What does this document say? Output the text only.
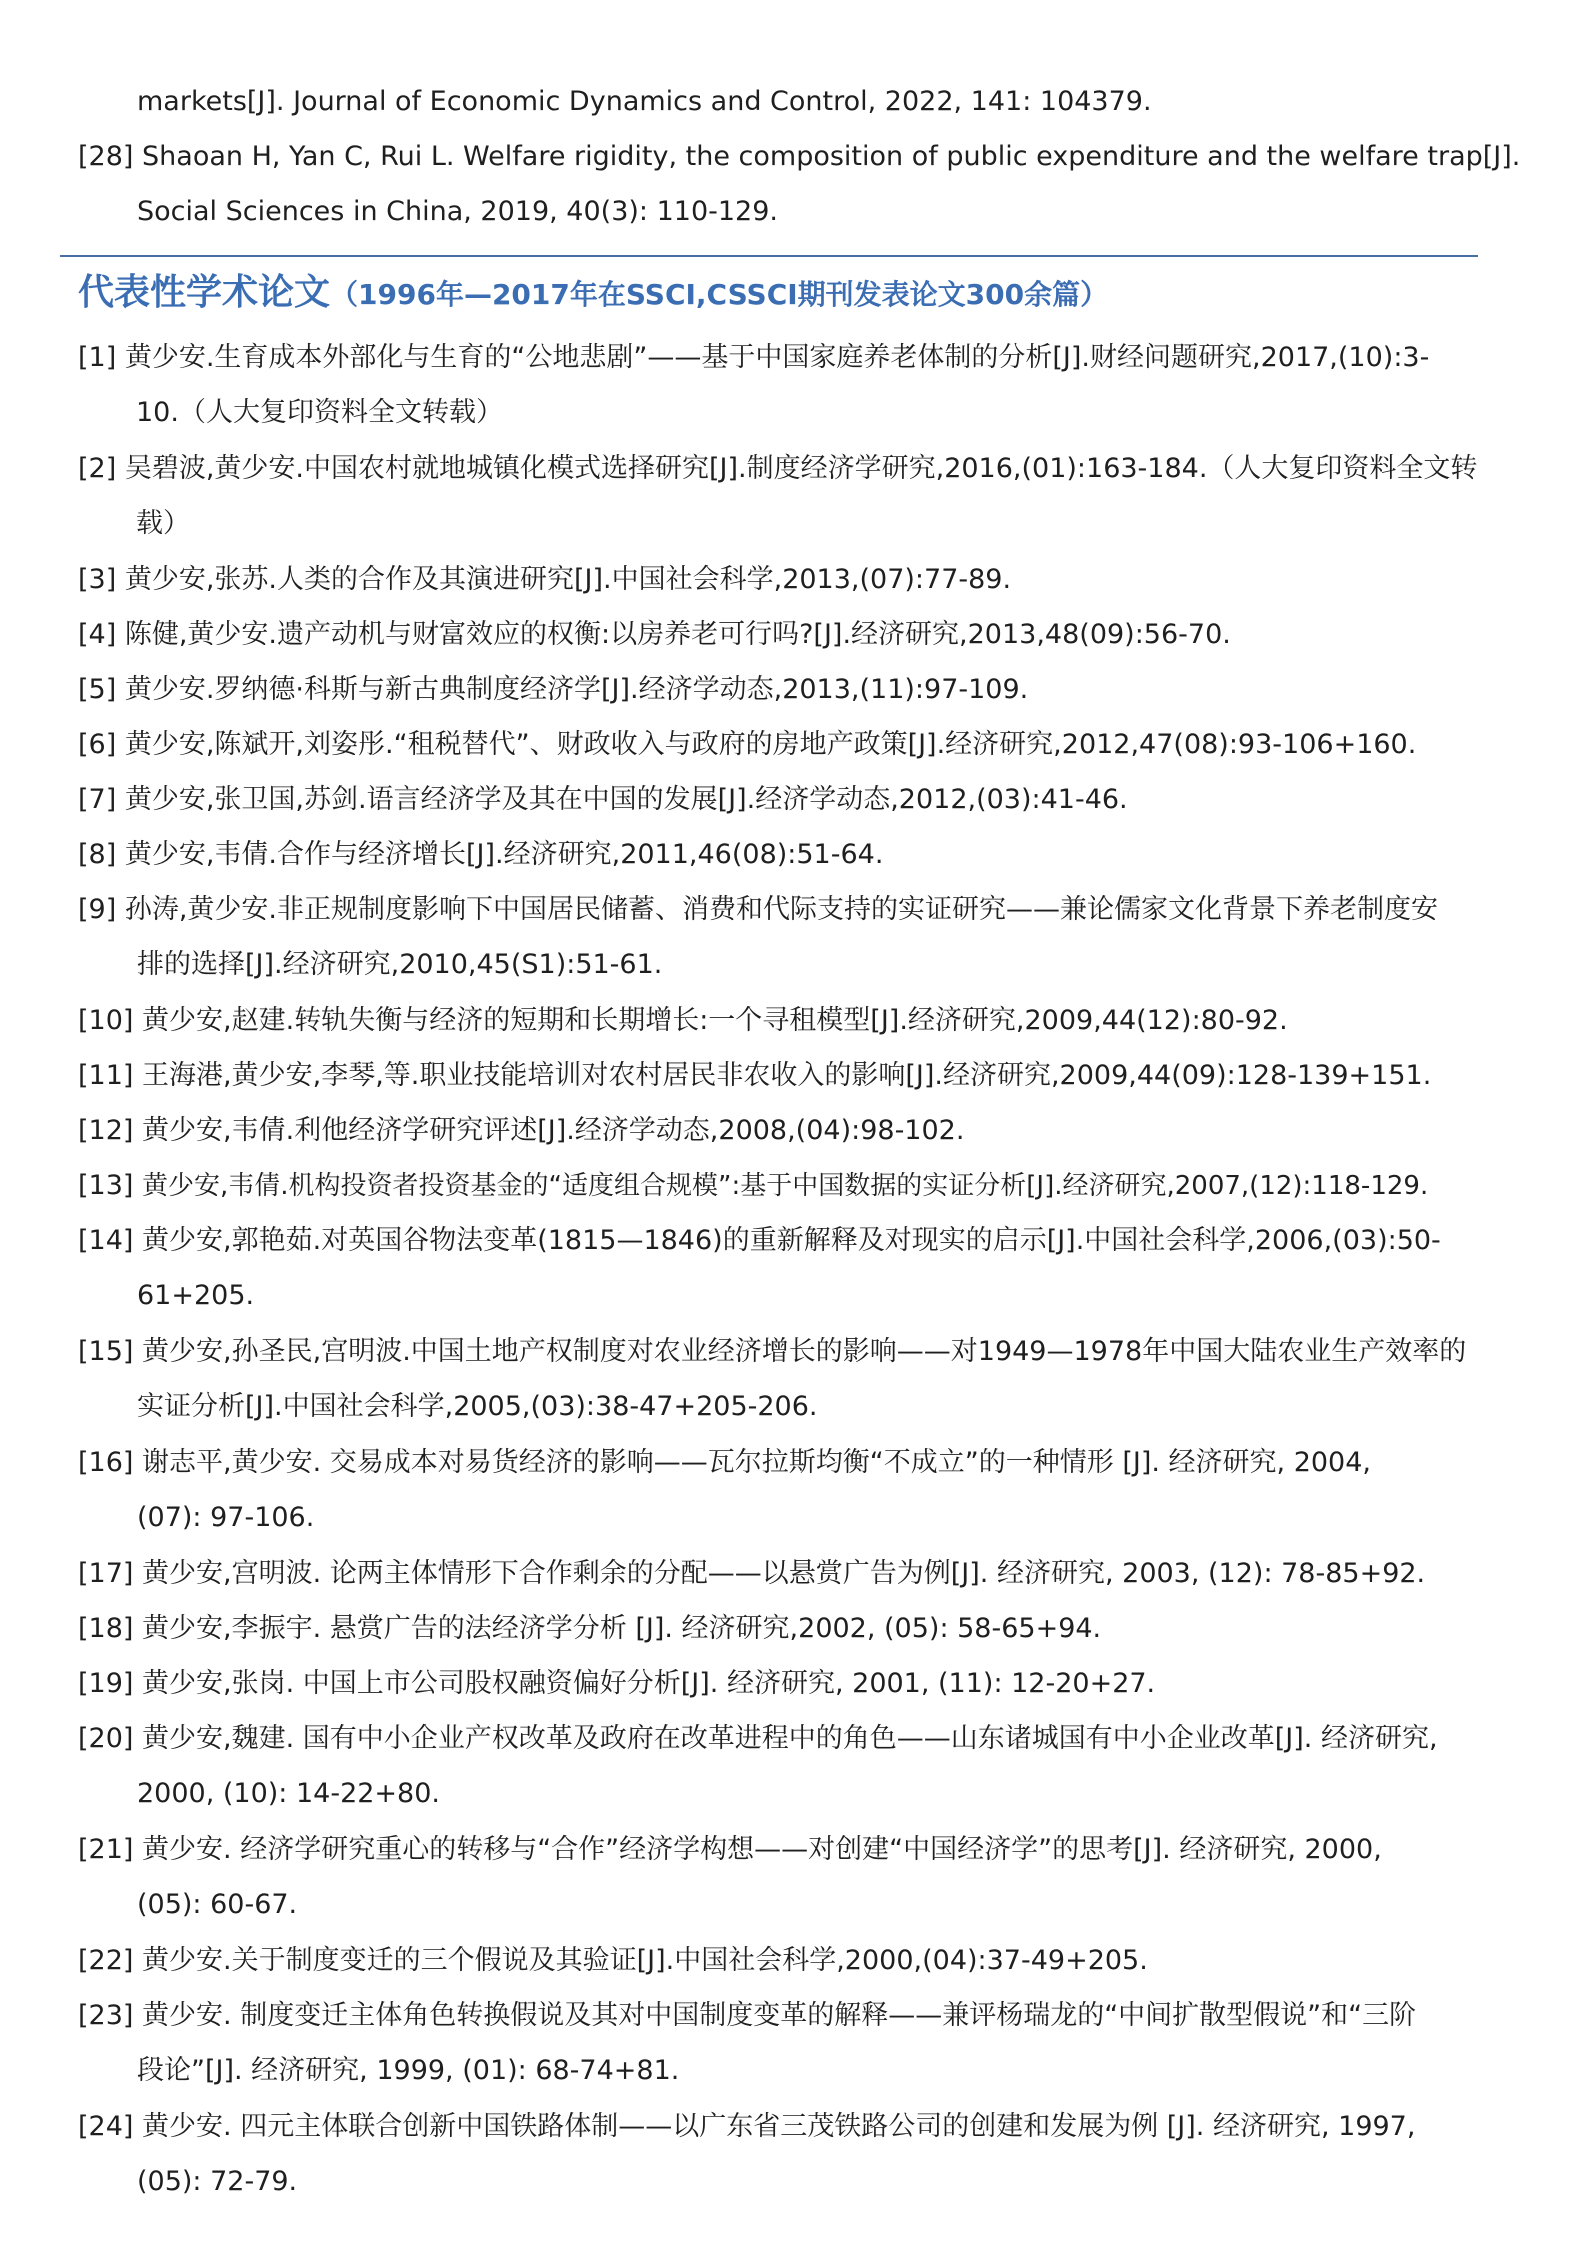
markets[J]. Journal of Economic Dynamics and Control, 2022, 141: 104379.
[28] Shaoan H, Yan C, Rui L. Welfare rigidity, the composition of public expenditure and the welfare trap[J].
Social Sciences in China, 2019, 40(3): 110-129.
代表性学术论文（1996年—2017年在SSCI,CSSCI期刊发表论文300余篇）
[1] 黄少安.生育成本外部化与生育的“公地悲剧”——基于中国家庭养老体制的分析[J].财经问题研究,2017,(10):3-
10.（人大复印资料全文转载）
[2] 吴碧波,黄少安.中国农村就地城镇化模式选择研究[J].制度经济学研究,2016,(01):163-184.（人大复印资料全文转
载）
[3] 黄少安,张苏.人类的合作及其演进研究[J].中国社会科学,2013,(07):77-89.
[4] 陈健,黄少安.遗产动机与财富效应的权衡:以房养老可行吗?[J].经济研究,2013,48(09):56-70.
[5] 黄少安.罗纳德·科斯与新古典制度经济学[J].经济学动态,2013,(11):97-109.
[6] 黄少安,陈斌开,刘姿彤.“租税替代”、财政收入与政府的房地产政策[J].经济研究,2012,47(08):93-106+160.
[7] 黄少安,张卫国,苏剑.语言经济学及其在中国的发展[J].经济学动态,2012,(03):41-46.
[8] 黄少安,韦倩.合作与经济增长[J].经济研究,2011,46(08):51-64.
[9] 孙涛,黄少安.非正规制度影响下中国居民储蓄、消费和代际支持的实证研究——兼论儒家文化背景下养老制度安
排的选择[J].经济研究,2010,45(S1):51-61.
[10] 黄少安,赵建.转轨失衡与经济的短期和长期增长:一个寻租模型[J].经济研究,2009,44(12):80-92.
[11] 王海港,黄少安,李琴,等.职业技能培训对农村居民非农收入的影响[J].经济研究,2009,44(09):128-139+151.
[12] 黄少安,韦倩.利他经济学研究评述[J].经济学动态,2008,(04):98-102.
[13] 黄少安,韦倩.机构投资者投资基金的“适度组合规模”:基于中国数据的实证分析[J].经济研究,2007,(12):118-129.
[14] 黄少安,郭艳茹.对英国谷物法变革(1815—1846)的重新解释及对现实的启示[J].中国社会科学,2006,(03):50-
61+205.
[15] 黄少安,孙圣民,宫明波.中国土地产权制度对农业经济增长的影响——对1949—1978年中国大陆农业生产效率的
实证分析[J].中国社会科学,2005,(03):38-47+205-206.
[16] 谢志平,黄少安. 交易成本对易货经济的影响——瓦尔拉斯均衡“不成立”的一种情形 [J]. 经济研究, 2004,
(07): 97-106.
[17] 黄少安,宫明波. 论两主体情形下合作剩余的分配——以悬赏广告为例[J]. 经济研究, 2003, (12): 78-85+92.
[18] 黄少安,李振宇. 悬赏广告的法经济学分析 [J]. 经济研究,2002, (05): 58-65+94.
[19] 黄少安,张岗. 中国上市公司股权融资偏好分析[J]. 经济研究, 2001, (11): 12-20+27.
[20] 黄少安,魏建. 国有中小企业产权改革及政府在改革进程中的角色——山东诸城国有中小企业改革[J]. 经济研究,
2000, (10): 14-22+80.
[21] 黄少安. 经济学研究重心的转移与“合作”经济学构想——对创建“中国经济学”的思考[J]. 经济研究, 2000,
(05): 60-67.
[22] 黄少安.关于制度变迁的三个假说及其验证[J].中国社会科学,2000,(04):37-49+205.
[23] 黄少安. 制度变迁主体角色转换假说及其对中国制度变革的解释——兼评杨瑞龙的“中间扩散型假说”和“三阶
段论”[J]. 经济研究, 1999, (01): 68-74+81.
[24] 黄少安. 四元主体联合创新中国铁路体制——以广东省三茂铁路公司的创建和发展为例 [J]. 经济研究, 1997,
(05): 72-79.
